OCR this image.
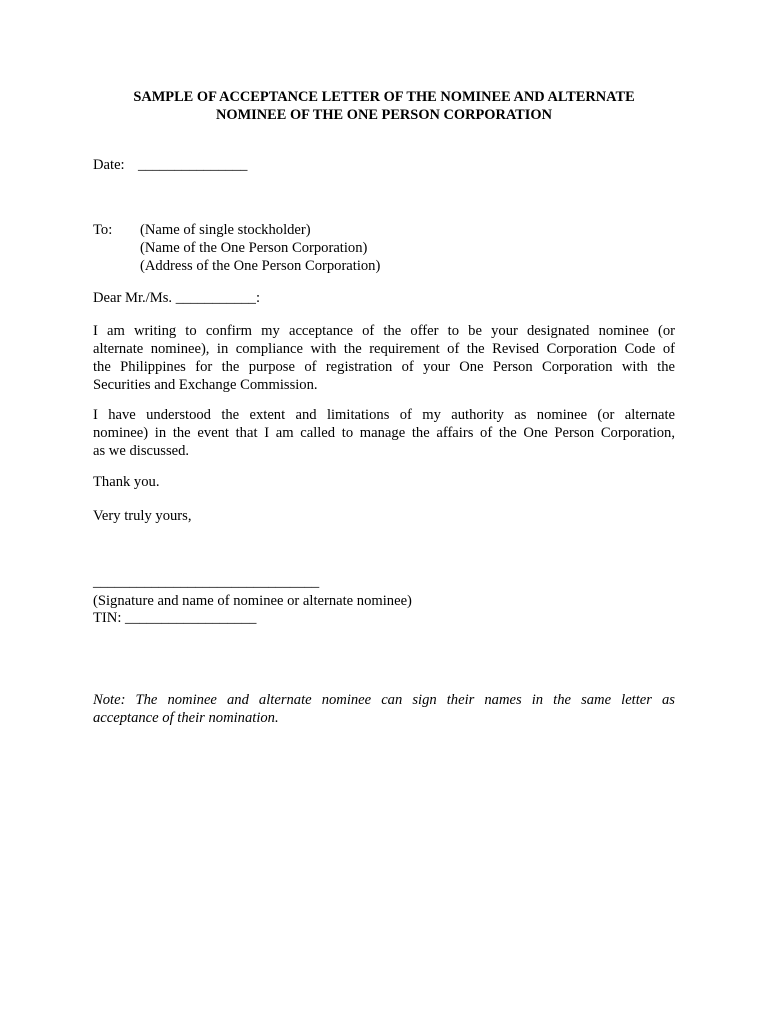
SAMPLE OF ACCEPTANCE LETTER OF THE NOMINEE AND ALTERNATE
NOMINEE OF THE ONE PERSON CORPORATION
Date: _______________
To: (Name of single stockholder)
(Name of the One Person Corporation)
(Address of the One Person Corporation)
Dear Mr./Ms. ___________:
I am writing to confirm my acceptance of the offer to be your designated nominee (or
alternate nominee), in compliance with the requirement of the Revised Corporation Code of
the Philippines for the purpose of registration of your One Person Corporation with the
Securities and Exchange Commission.
I have understood the extent and limitations of my authority as nominee (or alternate
nominee) in the event that I am called to manage the affairs of the One Person Corporation,
as we discussed.
Thank you.
Very truly yours,
_______________________________
(Signature and name of nominee or alternate nominee)
TIN: __________________
Note: The nominee and alternate nominee can sign their names in the same letter as
acceptance of their nomination.
